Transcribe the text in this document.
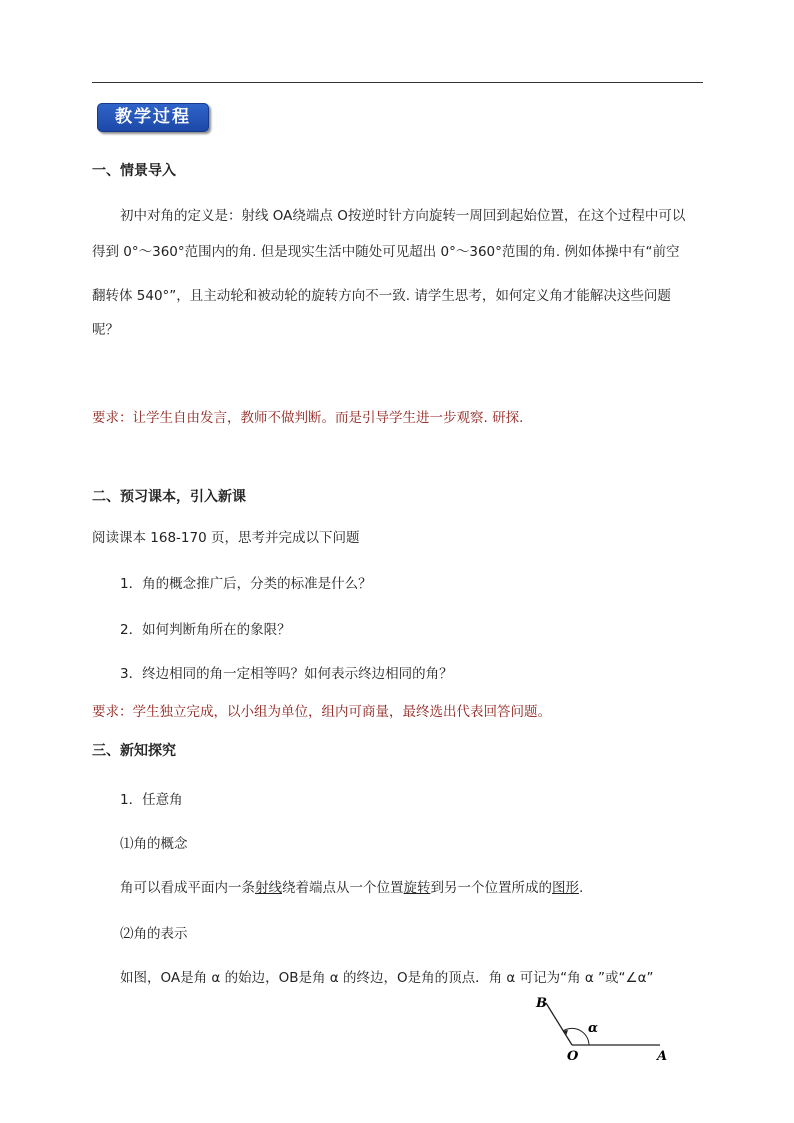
教学过程
一、情景导入
初中对角的定义是：射线 OA绕端点 O按逆时针方向旋转一周回到起始位置，在这个过程中可以
得到 0°～360°范围内的角. 但是现实生活中随处可见超出 0°～360°范围的角. 例如体操中有“前空
翻转体 540°”，且主动轮和被动轮的旋转方向不一致. 请学生思考，如何定义角才能解决这些问题
呢？
要求：让学生自由发言，教师不做判断。而是引导学生进一步观察. 研探.
二、预习课本，引入新课
阅读课本 168-170 页，思考并完成以下问题
1．角的概念推广后，分类的标准是什么？
2．如何判断角所在的象限？
3．终边相同的角一定相等吗？如何表示终边相同的角？
要求：学生独立完成，以小组为单位，组内可商量，最终选出代表回答问题。
三、新知探究
1．任意角
⑴角的概念
角可以看成平面内一条射线绕着端点从一个位置旋转到另一个位置所成的图形.
⑵角的表示
如图，OA是角 α 的始边，OB是角 α 的终边，O是角的顶点．角 α 可记为“角 α ”或“∠α”
B
O	A
α
